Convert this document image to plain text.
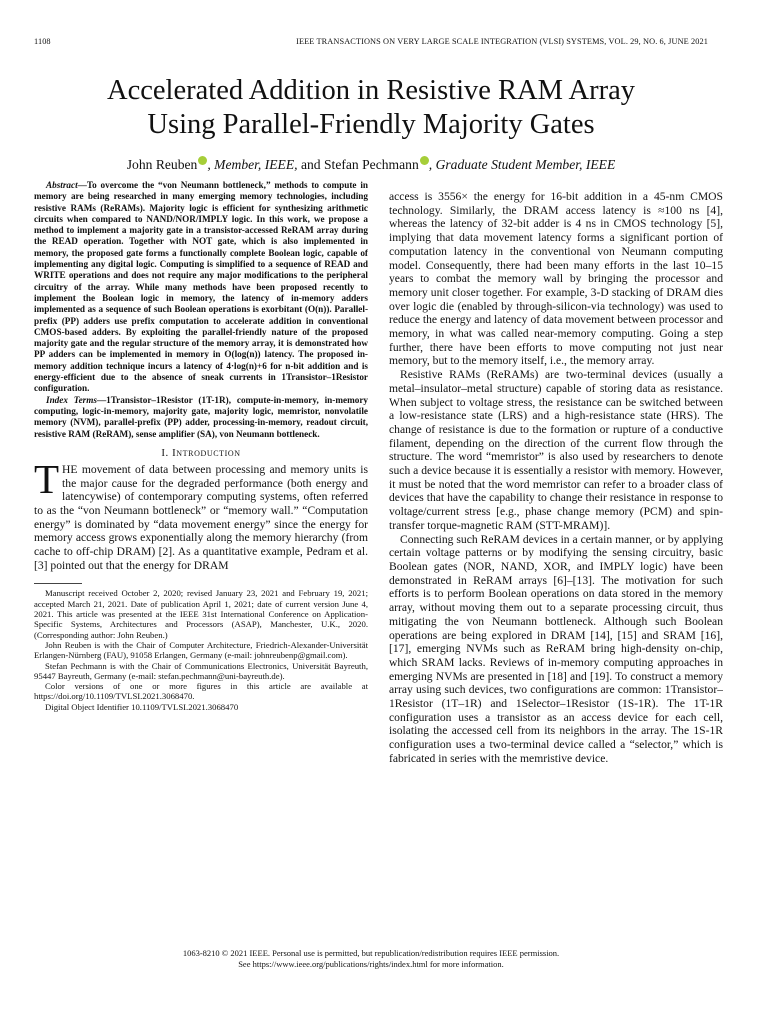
1108	IEEE TRANSACTIONS ON VERY LARGE SCALE INTEGRATION (VLSI) SYSTEMS, VOL. 29, NO. 6, JUNE 2021
Accelerated Addition in Resistive RAM Array
Using Parallel-Friendly Majority Gates
John Reuben , Member, IEEE, and Stefan Pechmann , Graduate Student Member, IEEE

Abstract—To overcome the “von Neumann bottleneck,” methods to compute in memory are being researched in many emerging memory technologies, including resistive RAMs (ReRAMs). Majority logic is efficient for synthesizing arithmetic circuits when compared to NAND/NOR/IMPLY logic. In this work, we propose a method to implement a majority gate in a transistor-accessed ReRAM array during the READ operation. Together with NOT gate, which is also implemented in memory, the proposed gate forms a functionally complete Boolean logic, capable of implementing any digital logic. Computing is simplified to a sequence of READ and WRITE operations and does not require any major modifications to the peripheral circuitry of the array. While many methods have been proposed recently to implement the Boolean logic in memory, the latency of in-memory adders implemented as a sequence of such Boolean operations is exorbitant (O(n)). Parallel-prefix (PP) adders use prefix computation to accelerate addition in conventional CMOS-based adders. By exploiting the parallel-friendly nature of the proposed majority gate and the regular structure of the memory array, it is demonstrated how PP adders can be implemented in memory in O(log(n)) latency. The proposed in-memory addition technique incurs a latency of 4·log(n)+6 for n-bit addition and is energy-efficient due to the absence of sneak currents in 1Transistor–1Resistor configuration.

Index Terms—1Transistor–1Resistor (1T-1R), compute-in-memory, in-memory computing, logic-in-memory, majority gate, majority logic, memristor, nonvolatile memory (NVM), parallel-prefix (PP) adder, processing-in-memory, readout circuit, resistive RAM (ReRAM), sense amplifier (SA), von Neumann bottleneck.

I. Introduction

THE movement of data between processing and memory units is the major cause for the degraded performance (both energy and latencywise) of contemporary computing systems, often referred to as the “von Neumann bottleneck” or “memory wall.” “Computation energy” is dominated by “data movement energy” since the energy for memory access grows exponentially along the memory hierarchy (from cache to off-chip DRAM) [2]. As a quantitative example, Pedram et al. [3] pointed out that the energy for DRAM

Manuscript received October 2, 2020; revised January 23, 2021 and February 19, 2021; accepted March 21, 2021. Date of publication April 1, 2021; date of current version June 4, 2021. This article was presented at the IEEE 31st International Conference on Application-Specific Systems, Architectures and Processors (ASAP), Manchester, U.K., 2020. (Corresponding author: John Reuben.)

John Reuben is with the Chair of Computer Architecture, Friedrich-Alexander-Universität Erlangen-Nürnberg (FAU), 91058 Erlangen, Germany (e-mail: johnreubenp@gmail.com).

Stefan Pechmann is with the Chair of Communications Electronics, Universität Bayreuth, 95447 Bayreuth, Germany (e-mail: stefan.pechmann@uni-bayreuth.de).

Color versions of one or more figures in this article are available at https://doi.org/10.1109/TVLSI.2021.3068470.

Digital Object Identifier 10.1109/TVLSI.2021.3068470

access is 3556× the energy for 16-bit addition in a 45-nm CMOS technology. Similarly, the DRAM access latency is ≈100 ns [4], whereas the latency of 32-bit adder is 4 ns in CMOS technology [5], implying that data movement latency forms a significant portion of computation latency in the conventional von Neumann computing model. Consequently, there had been many efforts in the last 10–15 years to combat the memory wall by bringing the processor and memory unit closer together. For example, 3-D stacking of DRAM dies over logic die (enabled by through-silicon-via technology) was used to reduce the energy and latency of data movement between processor and memory, in what was called near-memory computing. Going a step further, there have been efforts to move computing not just near memory, but to the memory itself, i.e., the memory array.

Resistive RAMs (ReRAMs) are two-terminal devices (usually a metal–insulator–metal structure) capable of storing data as resistance. When subject to voltage stress, the resistance can be switched between a low-resistance state (LRS) and a high-resistance state (HRS). The change of resistance is due to the formation or rupture of a conductive filament, depending on the direction of the current flow through the structure. The word “memristor” is also used by researchers to denote such a device because it is essentially a resistor with memory. However, it must be noted that the word memristor can refer to a broader class of devices that have the capability to change their resistance in response to voltage/current stress [e.g., phase change memory (PCM) and spin-transfer torque-magnetic RAM (STT-MRAM)].

Connecting such ReRAM devices in a certain manner, or by applying certain voltage patterns or by modifying the sensing circuitry, basic Boolean gates (NOR, NAND, XOR, and IMPLY logic) have been demonstrated in ReRAM arrays [6]–[13]. The motivation for such efforts is to perform Boolean operations on data stored in the memory array, without moving them out to a separate processing circuit, thus mitigating the von Neumann bottleneck. Although such Boolean operations are being explored in DRAM [14], [15] and SRAM [16], [17], emerging NVMs such as ReRAM bring high-density on-chip, which SRAM lacks. Reviews of in-memory computing approaches in emerging NVMs are presented in [18] and [19]. To construct a memory array using such devices, two configurations are common: 1Transistor–1Resistor (1T–1R) and 1Selector–1Resistor (1S-1R). The 1T-1R configuration uses a transistor as an access device for each cell, isolating the accessed cell from its neighbors in the array. The 1S-1R configuration uses a two-terminal device called a “selector,” which is fabricated in series with the memristive device.

1063-8210 © 2021 IEEE. Personal use is permitted, but republication/redistribution requires IEEE permission.
See https://www.ieee.org/publications/rights/index.html for more information.
